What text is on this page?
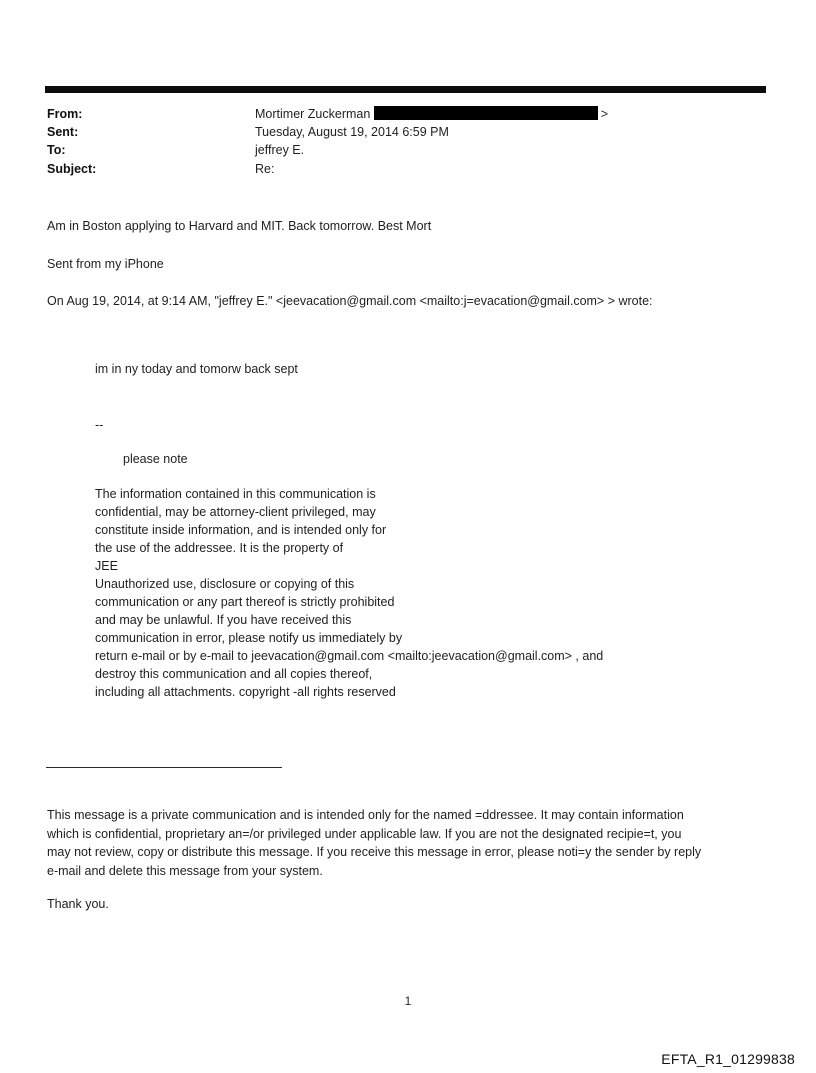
From:	Mortimer Zuckerman	>
Sent:	Tuesday, August 19, 2014 6:59 PM
To:	jeffrey E.
Subject:	Re:
Am in Boston applying to Harvard and MIT. Back tomorrow. Best Mort
Sent from my iPhone
On Aug 19, 2014, at 9:14 AM, "jeffrey E." <jeevacation@gmail.com <mailto:j=evacation@gmail.com> > wrote:
im in ny today and tomorw back sept
--
please note
The information contained in this communication is
confidential, may be attorney-client privileged, may
constitute inside information, and is intended only for
the use of the addressee. It is the property of
JEE
Unauthorized use, disclosure or copying of this
communication or any part thereof is strictly prohibited
and may be unlawful. If you have received this
communication in error, please notify us immediately by
return e-mail or by e-mail to jeevacation@gmail.com <mailto:jeevacation@gmail.com> , and
destroy this communication and all copies thereof,
including all attachments. copyright -all rights reserved
This message is a private communication and is intended only for the named =ddressee. It may contain information
which is confidential, proprietary an=/or privileged under applicable law. If you are not the designated recipie=t, you
may not review, copy or distribute this message. If you receive this message in error, please noti=y the sender by reply
e-mail and delete this message from your system.
Thank you.
1
EFTA_R1_01299838
